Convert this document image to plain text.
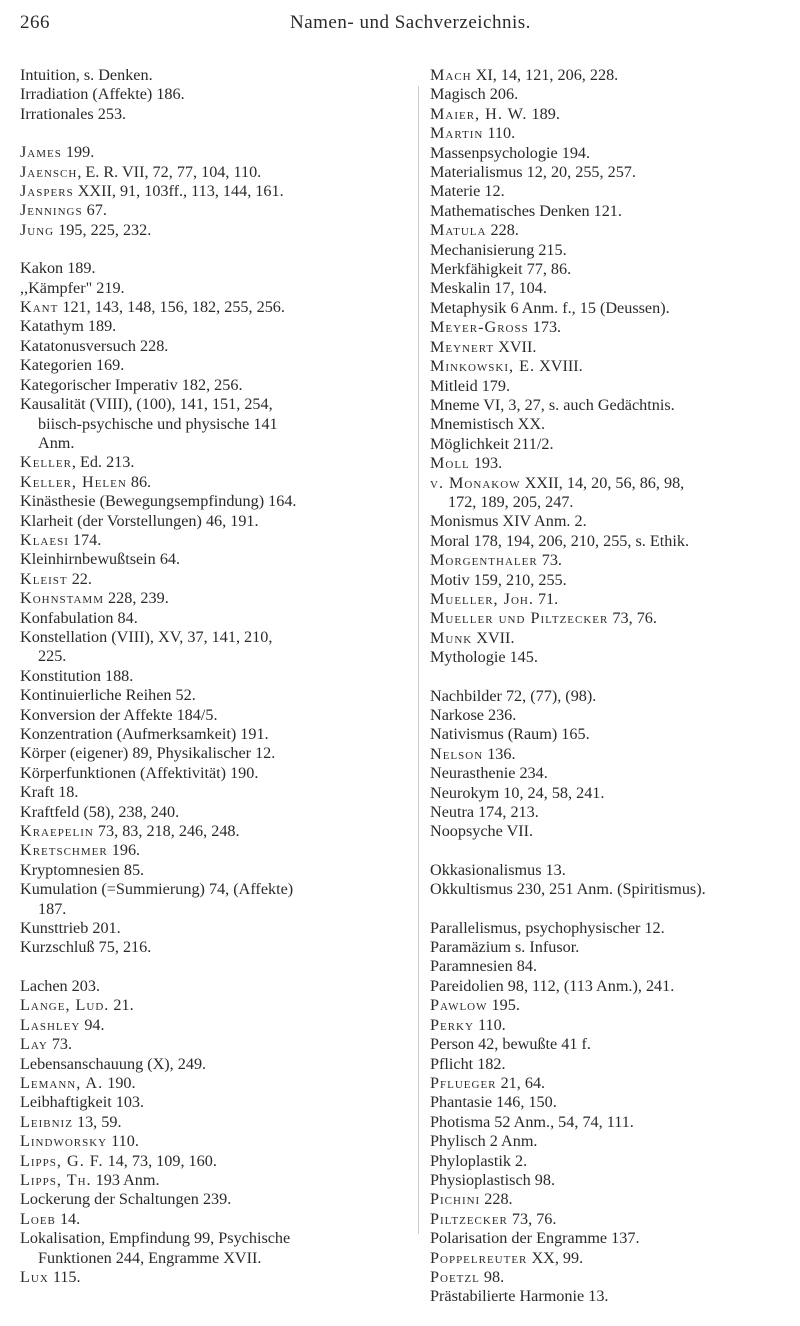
266	Namen- und Sachverzeichnis.
Intuition, s. Denken.
Irradiation (Affekte) 186.
Irrationales 253.
James 199.
Jaensch, E. R. VII, 72, 77, 104, 110.
Jaspers XXII, 91, 103ff., 113, 144, 161.
Jennings 67.
Jung 195, 225, 232.
Kakon 189.
,,Kämpfer" 219.
Kant 121, 143, 148, 156, 182, 255, 256.
Katathym 189.
Katatonusversuch 228.
Kategorien 169.
Kategorischer Imperativ 182, 256.
Kausalität (VIII), (100), 141, 151, 254,
biisch-psychische und physische 141
Anm.
Keller, Ed. 213.
Keller, Helen 86.
Kinästhesie (Bewegungsempfindung) 164.
Klarheit (der Vorstellungen) 46, 191.
Klaesi 174.
Kleinhirnbewußtsein 64.
Kleist 22.
Kohnstamm 228, 239.
Konfabulation 84.
Konstellation (VIII), XV, 37, 141, 210,
225.
Konstitution 188.
Kontinuierliche Reihen 52.
Konversion der Affekte 184/5.
Konzentration (Aufmerksamkeit) 191.
Körper (eigener) 89, Physikalischer 12.
Körperfunktionen (Affektivität) 190.
Kraft 18.
Kraftfeld (58), 238, 240.
Kraepelin 73, 83, 218, 246, 248.
Kretschmer 196.
Kryptomnesien 85.
Kumulation (=Summierung) 74, (Affekte)
187.
Kunsttrieb 201.
Kurzschluß 75, 216.
Lachen 203.
Lange, Lud. 21.
Lashley 94.
Lay 73.
Lebensanschauung (X), 249.
Lemann, A. 190.
Leibhaftigkeit 103.
Leibniz 13, 59.
Lindworsky 110.
Lipps, G. F. 14, 73, 109, 160.
Lipps, Th. 193 Anm.
Lockerung der Schaltungen 239.
Loeb 14.
Lokalisation, Empfindung 99, Psychische
Funktionen 244, Engramme XVII.
Lux 115.
Mach XI, 14, 121, 206, 228.
Magisch 206.
Maier, H. W. 189.
Martin 110.
Massenpsychologie 194.
Materialismus 12, 20, 255, 257.
Materie 12.
Mathematisches Denken 121.
Matula 228.
Mechanisierung 215.
Merkfähigkeit 77, 86.
Meskalin 17, 104.
Metaphysik 6 Anm. f., 15 (Deussen).
Meyer-Gross 173.
Meynert XVII.
Minkowski, E. XVIII.
Mitleid 179.
Mneme VI, 3, 27, s. auch Gedächtnis.
Mnemistisch XX.
Möglichkeit 211/2.
Moll 193.
v. Monakow XXII, 14, 20, 56, 86, 98,
172, 189, 205, 247.
Monismus XIV Anm. 2.
Moral 178, 194, 206, 210, 255, s. Ethik.
Morgenthaler 73.
Motiv 159, 210, 255.
Mueller, Joh. 71.
Mueller und Piltzecker 73, 76.
Munk XVII.
Mythologie 145.
Nachbilder 72, (77), (98).
Narkose 236.
Nativismus (Raum) 165.
Nelson 136.
Neurasthenie 234.
Neurokym 10, 24, 58, 241.
Neutra 174, 213.
Noopsyche VII.
Okkasionalismus 13.
Okkultismus 230, 251 Anm. (Spiritismus).
Parallelismus, psychophysischer 12.
Paramäzium s. Infusor.
Paramnesien 84.
Pareidolien 98, 112, (113 Anm.), 241.
Pawlow 195.
Perky 110.
Person 42, bewußte 41 f.
Pflicht 182.
Pflueger 21, 64.
Phantasie 146, 150.
Photisma 52 Anm., 54, 74, 111.
Phylisch 2 Anm.
Phyloplastik 2.
Physioplastisch 98.
Pichini 228.
Piltzecker 73, 76.
Polarisation der Engramme 137.
Poppelreuter XX, 99.
Poetzl 98.
Prästabilierte Harmonie 13.
